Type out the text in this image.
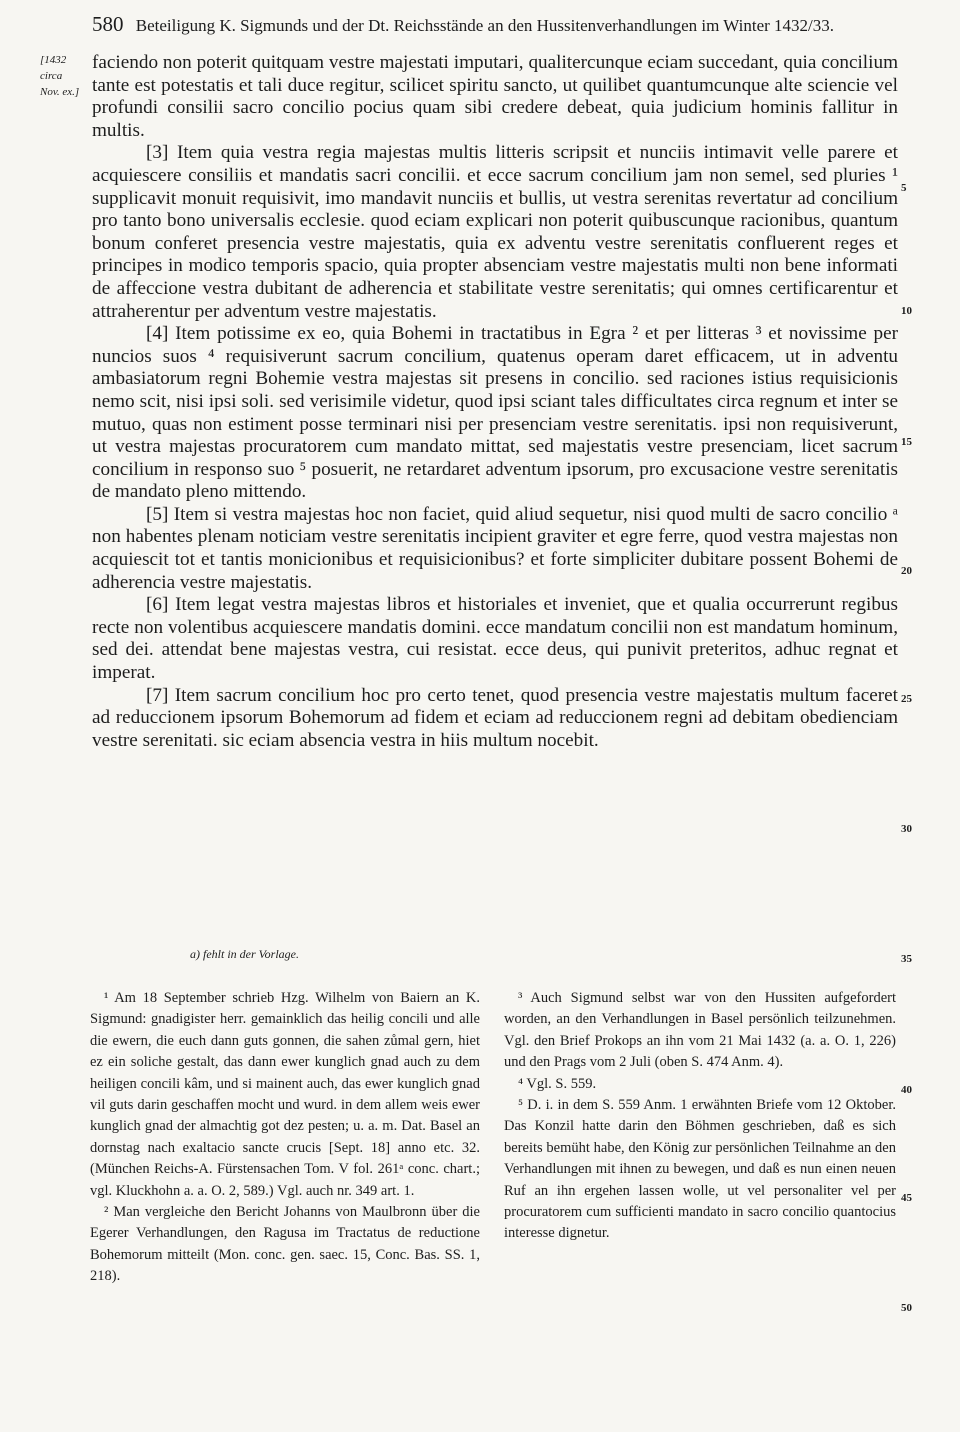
580 Beteiligung K. Sigmunds und der Dt. Reichsstände an den Hussitenverhandlungen im Winter 1432/33.
[1432
circa
Nov. ex.]

faciendo non poterit quitquam vestre majestati imputari, qualitercunque eciam succedant, quia concilium tante est potestatis et tali duce regitur, scilicet spiritu sancto, ut quilibet quantumcunque alte sciencie vel profundi consilii sacro concilio pocius quam sibi credere debeat, quia judicium hominis fallitur in multis.

[3] Item quia vestra regia majestas multis litteris scripsit et nunciis intimavit velle parere et acquiescere consiliis et mandatis sacri concilii. et ecce sacrum concilium jam non semel, sed pluries ¹ supplicavit monuit requisivit, imo mandavit nunciis et bullis, ut vestra serenitas revertatur ad concilium pro tanto bono universalis ecclesie. quod eciam explicari non poterit quibuscunque racionibus, quantum bonum conferet presencia vestre majestatis, quia ex adventu vestre serenitatis confluerent reges et principes in modico temporis spacio, quia propter absenciam vestre majestatis multi non bene informati de affeccione vestra dubitant de adherencia et stabilitate vestre serenitatis; qui omnes certificarentur et attraherentur per adventum vestre majestatis.

[4] Item potissime ex eo, quia Bohemi in tractatibus in Egra ² et per litteras ³ et novissime per nuncios suos ⁴ requisiverunt sacrum concilium, quatenus operam daret efficacem, ut in adventu ambasiatorum regni Bohemie vestra majestas sit presens in concilio. sed raciones istius requisicionis nemo scit, nisi ipsi soli. sed verisimile videtur, quod ipsi sciant tales difficultates circa regnum et inter se mutuo, quas non estiment posse terminari nisi per presenciam vestre serenitatis. ipsi non requisiverunt, ut vestra majestas procuratorem cum mandato mittat, sed majestatis vestre presenciam, licet sacrum concilium in responso suo ⁵ posuerit, ne retardaret adventum ipsorum, pro excusacione vestre serenitatis de mandato pleno mittendo.

[5] Item si vestra majestas hoc non faciet, quid aliud sequetur, nisi quod multi de sacro concilio ᵃ non habentes plenam noticiam vestre serenitatis incipient graviter et egre ferre, quod vestra majestas non acquiescit tot et tantis monicionibus et requisicionibus? et forte simpliciter dubitare possent Bohemi de adherencia vestre majestatis.

[6] Item legat vestra majestas libros et historiales et inveniet, que et qualia occurrerunt regibus recte non volentibus acquiescere mandatis domini. ecce mandatum concilii non est mandatum hominum, sed dei. attendat bene majestas vestra, cui resistat. ecce deus, qui punivit preteritos, adhuc regnat et imperat.

[7] Item sacrum concilium hoc pro certo tenet, quod presencia vestre majestatis multum faceret ad reduccionem ipsorum Bohemorum ad fidem et eciam ad reduccionem regni ad debitam obedienciam vestre serenitati. sic eciam absencia vestra in hiis multum nocebit.

5
10
15
20
25
30
35
40
45
50
a) fehlt in der Vorlage.

¹ Am 18 September schrieb Hzg. Wilhelm von Baiern an K. Sigmund: gnadigister herr. gemainklich das heilig concili und alle die ewern, die euch dann guts gonnen, die sahen zůmal gern, hiet ez ein soliche gestalt, das dann ewer kunglich gnad auch zu dem heiligen concili kâm, und si mainent auch, das ewer kunglich gnad vil guts darin geschaffen mocht und wurd. in dem allem weis ewer kunglich gnad der almachtig got dez pesten; u. a. m. Dat. Basel an dornstag nach exaltacio sancte crucis [Sept. 18] anno etc. 32. (München Reichs-A. Fürstensachen Tom. V fol. 261ᵃ conc. chart.; vgl. Kluckhohn a. a. O. 2, 589.) Vgl. auch nr. 349 art. 1.

² Man vergleiche den Bericht Johanns von Maulbronn über die Egerer Verhandlungen, den Ragusa im Tractatus de reductione Bohemorum mitteilt (Mon. conc. gen. saec. 15, Conc. Bas. SS. 1, 218).

³ Auch Sigmund selbst war von den Hussiten aufgefordert worden, an den Verhandlungen in Basel persönlich teilzunehmen. Vgl. den Brief Prokops an ihn vom 21 Mai 1432 (a. a. O. 1, 226) und den Prags vom 2 Juli (oben S. 474 Anm. 4).

⁴ Vgl. S. 559.

⁵ D. i. in dem S. 559 Anm. 1 erwähnten Briefe vom 12 Oktober. Das Konzil hatte darin den Böhmen geschrieben, daß es sich bereits bemüht habe, den König zur persönlichen Teilnahme an den Verhandlungen mit ihnen zu bewegen, und daß es nun einen neuen Ruf an ihn ergehen lassen wolle, ut vel personaliter vel per procuratorem cum sufficienti mandato in sacro concilio quantocius interesse dignetur.
